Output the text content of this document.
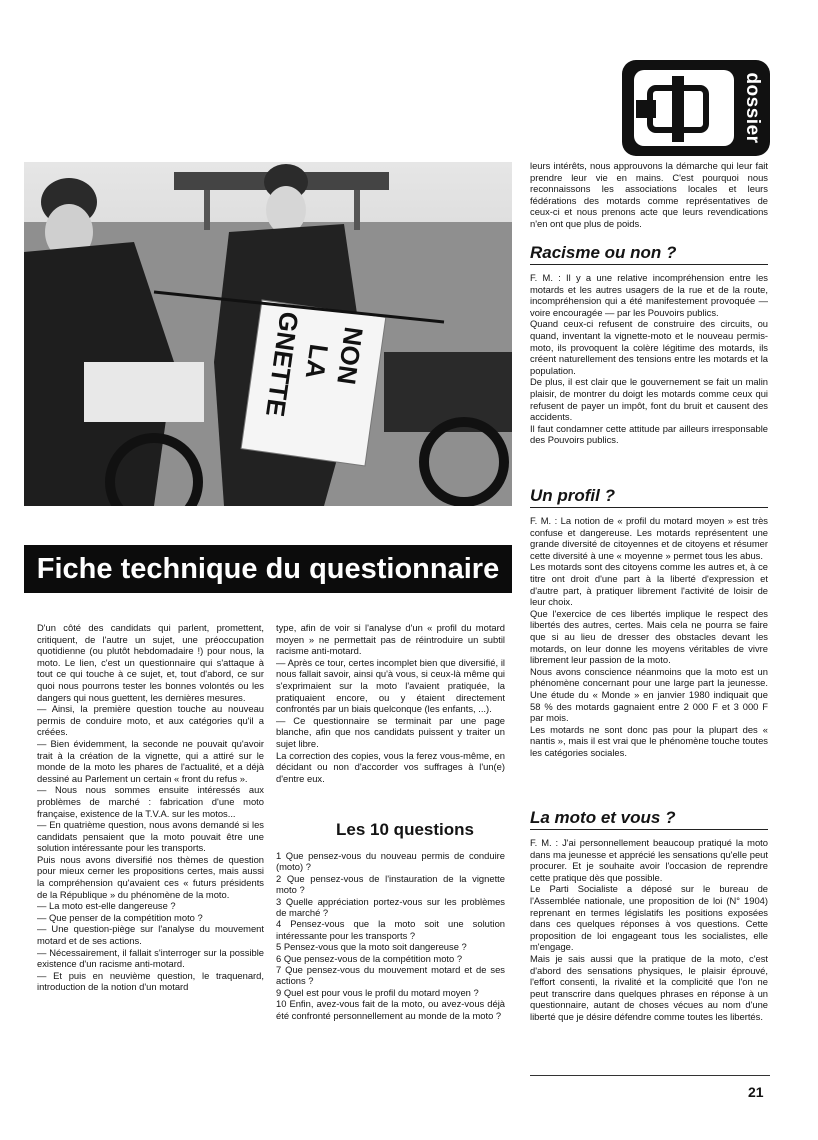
dossier
NON
LA
GNETTE
Fiche technique du questionnaire

D'un côté des candidats qui parlent, promettent, critiquent, de l'autre un sujet, une préoccupation quotidienne (ou plutôt hebdomadaire !) pour nous, la moto. Le lien, c'est un questionnaire qui s'attaque à tout ce qui touche à ce sujet, et, tout d'abord, ce sur quoi nous pourrons tester les bonnes volontés ou les dangers qui nous guettent, les dernières mesures.

— Ainsi, la première question touche au nouveau permis de conduire moto, et aux catégories qu'il a créées.

— Bien évidemment, la seconde ne pouvait qu'avoir trait à la création de la vignette, qui a attiré sur le monde de la moto les phares de l'actualité, et a déjà dessiné au Parlement un certain « front du refus ».

— Nous nous sommes ensuite intéressés aux problèmes de marché : fabrication d'une moto française, existence de la T.V.A. sur les motos...

— En quatrième question, nous avons demandé si les candidats pensaient que la moto pouvait être une solution intéressante pour les transports.

Puis nous avons diversifié nos thèmes de question pour mieux cerner les propositions certes, mais aussi la compréhension qu'avaient ces « futurs présidents de la République » du phénomène de la moto.

— La moto est-elle dangereuse ?

— Que penser de la compétition moto ?

— Une question-piège sur l'analyse du mouvement motard et de ses actions.

— Nécessairement, il fallait s'interroger sur la possible existence d'un racisme anti-motard.

— Et puis en neuvième question, le traquenard, introduction de la notion d'un motard

type, afin de voir si l'analyse d'un « profil du motard moyen » ne permettait pas de réintroduire un subtil racisme anti-motard.

— Après ce tour, certes incomplet bien que diversifié, il nous fallait savoir, ainsi qu'à vous, si ceux-là même qui s'exprimaient sur la moto l'avaient pratiquée, la pratiquaient encore, ou y étaient directement confrontés par un biais quelconque (les enfants, ...).

— Ce questionnaire se terminait par une page blanche, afin que nos candidats puissent y traiter un sujet libre.

La correction des copies, vous la ferez vous-même, en décidant ou non d'accorder vos suffrages à l'un(e) d'entre eux.

Les 10 questions

1 Que pensez-vous du nouveau permis de conduire (moto) ?

2 Que pensez-vous de l'instauration de la vignette moto ?

3 Quelle appréciation portez-vous sur les problèmes de marché ?

4 Pensez-vous que la moto soit une solution intéressante pour les transports ?

5 Pensez-vous que la moto soit dangereuse ?

6 Que pensez-vous de la compétition moto ?

7 Que pensez-vous du mouvement motard et de ses actions ?

9 Quel est pour vous le profil du motard moyen ?

10 Enfin, avez-vous fait de la moto, ou avez-vous déjà été confronté personnellement au monde de la moto ?

leurs intérêts, nous approuvons la démarche qui leur fait prendre leur vie en mains. C'est pourquoi nous reconnaissons les associations locales et leurs fédérations des motards comme représentatives de ceux-ci et nous prenons acte que leurs revendications n'en ont que plus de poids.

Racisme ou non ?

F. M. : Il y a une relative incompréhension entre les motards et les autres usagers de la rue et de la route, incompréhension qui a été manifestement provoquée — voire encouragée — par les Pouvoirs publics.

Quand ceux-ci refusent de construire des circuits, ou quand, inventant la vignette-moto et le nouveau permis-moto, ils provoquent la colère légitime des motards, ils créent naturellement des tensions entre les motards et la population.

De plus, il est clair que le gouvernement se fait un malin plaisir, de montrer du doigt les motards comme ceux qui refusent de payer un impôt, font du bruit et causent des accidents.

Il faut condamner cette attitude par ailleurs irresponsable des Pouvoirs publics.

Un profil ?

F. M. : La notion de « profil du motard moyen » est très confuse et dangereuse. Les motards représentent une grande diversité de citoyennes et de citoyens et résumer cette diversité à une « moyenne » permet tous les abus.

Les motards sont des citoyens comme les autres et, à ce titre ont droit d'une part à la liberté d'expression et d'autre part, à pratiquer librement l'activité de loisir de leur choix.

Que l'exercice de ces libertés implique le respect des libertés des autres, certes. Mais cela ne pourra se faire que si au lieu de dresser des obstacles devant les motards, on leur donne les moyens véritables de vivre librement leur passion de la moto.

Nous avons conscience néanmoins que la moto est un phénomène concernant pour une large part la jeunesse. Une étude du « Monde » en janvier 1980 indiquait que 58 % des motards gagnaient entre 2 000 F et 3 000 F par mois.

Les motards ne sont donc pas pour la plupart des « nantis », mais il est vrai que le phénomène touche toutes les catégories sociales.

La moto et vous ?

F. M. : J'ai personnellement beaucoup pratiqué la moto dans ma jeunesse et apprécié les sensations qu'elle peut procurer. Et je souhaite avoir l'occasion de reprendre cette pratique dès que possible.

Le Parti Socialiste a déposé sur le bureau de l'Assemblée nationale, une proposition de loi (N° 1904) reprenant en termes législatifs les positions exposées dans ces quelques réponses à vos questions. Cette proposition de loi engageant tous les socialistes, elle m'engage.

Mais je sais aussi que la pratique de la moto, c'est d'abord des sensations physiques, le plaisir éprouvé, l'effort consenti, la rivalité et la complicité que l'on ne peut transcrire dans quelques phrases en réponse à un questionnaire, autant de choses vécues au nom d'une liberté que je désire défendre comme toutes les libertés.

21
